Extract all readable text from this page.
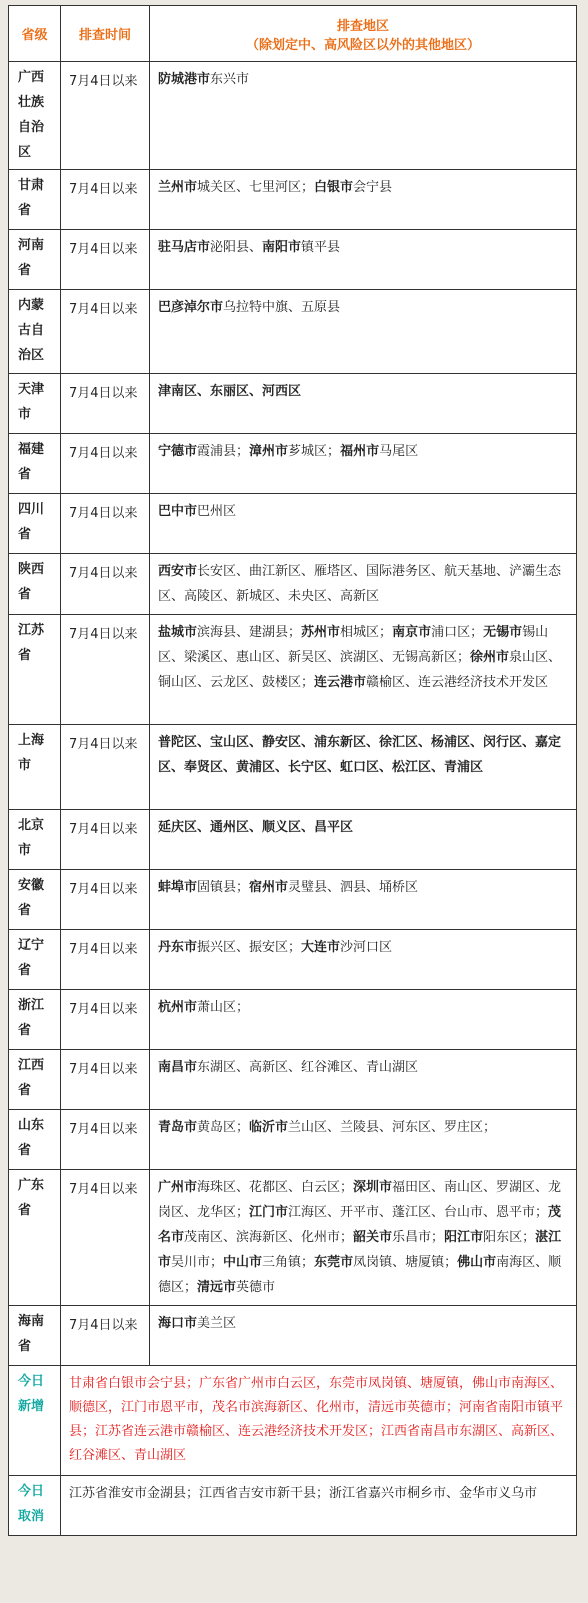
省级	排查时间	排查地区
（除划定中、高风险区以外的其他地区）

广西壮族自治区	7月4日以来	防城港市东兴市
甘肃省	7月4日以来	兰州市城关区、七里河区；白银市会宁县
河南省	7月4日以来	驻马店市泌阳县、南阳市镇平县
内蒙古自治区	7月4日以来	巴彦淖尔市乌拉特中旗、五原县
天津市	7月4日以来	津南区、东丽区、河西区
福建省	7月4日以来	宁德市霞浦县；漳州市芗城区；福州市马尾区
四川省	7月4日以来	巴中市巴州区
陕西省	7月4日以来	西安市长安区、曲江新区、雁塔区、国际港务区、航天基地、浐灞生态区、高陵区、新城区、未央区、高新区
江苏省	7月4日以来	盐城市滨海县、建湖县；苏州市相城区；南京市浦口区；无锡市锡山区、梁溪区、惠山区、新吴区、滨湖区、无锡高新区；徐州市泉山区、铜山区、云龙区、鼓楼区；连云港市赣榆区、连云港经济技术开发区
上海市	7月4日以来	普陀区、宝山区、静安区、浦东新区、徐汇区、杨浦区、闵行区、嘉定区、奉贤区、黄浦区、长宁区、虹口区、松江区、青浦区
北京市	7月4日以来	延庆区、通州区、顺义区、昌平区
安徽省	7月4日以来	蚌埠市固镇县；宿州市灵璧县、泗县、埇桥区
辽宁省	7月4日以来	丹东市振兴区、振安区；大连市沙河口区
浙江省	7月4日以来	杭州市萧山区；
江西省	7月4日以来	南昌市东湖区、高新区、红谷滩区、青山湖区
山东省	7月4日以来	青岛市黄岛区；临沂市兰山区、兰陵县、河东区、罗庄区；
广东省	7月4日以来	广州市海珠区、花都区、白云区；深圳市福田区、南山区、罗湖区、龙岗区、龙华区；江门市江海区、开平市、蓬江区、台山市、恩平市；茂名市茂南区、滨海新区、化州市；韶关市乐昌市；阳江市阳东区；湛江市吴川市；中山市三角镇；东莞市凤岗镇、塘厦镇；佛山市南海区、顺德区；清远市英德市
海南省	7月4日以来	海口市美兰区
今日新增	甘肃省白银市会宁县；广东省广州市白云区，东莞市凤岗镇、塘厦镇，佛山市南海区、顺德区，江门市恩平市，茂名市滨海新区、化州市，清远市英德市；河南省南阳市镇平县；江苏省连云港市赣榆区、连云港经济技术开发区；江西省南昌市东湖区、高新区、红谷滩区、青山湖区	
今日取消	江苏省淮安市金湖县；江西省吉安市新干县；浙江省嘉兴市桐乡市、金华市义乌市	
